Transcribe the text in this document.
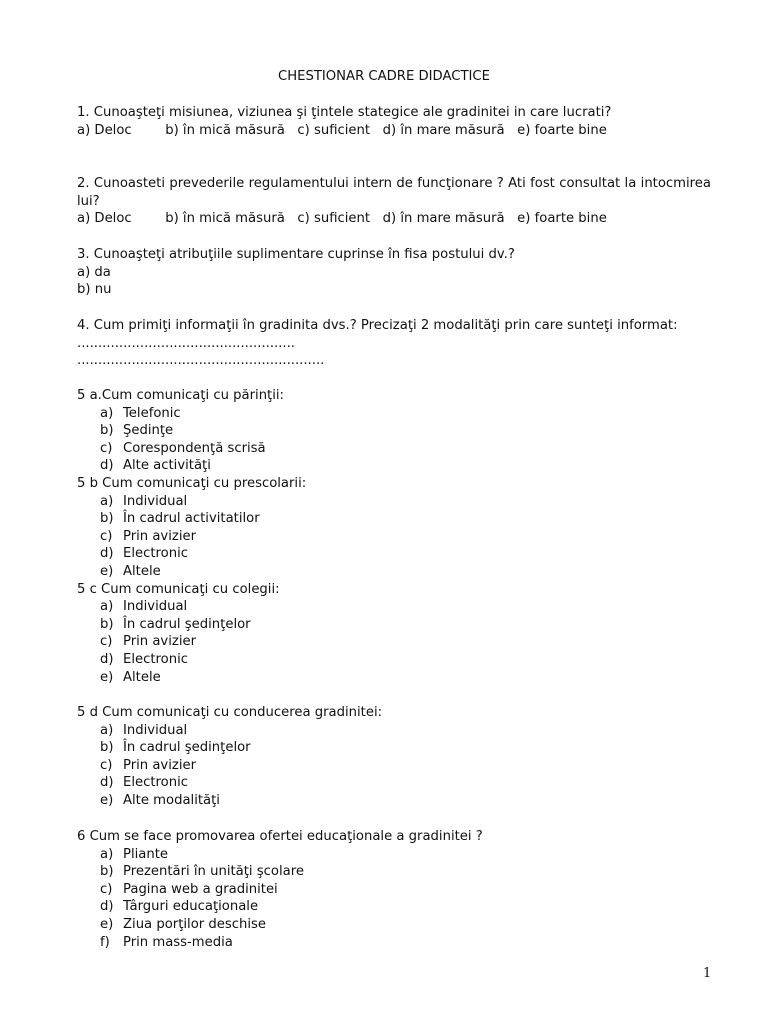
CHESTIONAR CADRE DIDACTICE

1. Cunoaşteţi misiunea, viziunea şi ţintele stategice ale gradinitei in care lucrati?

a) Deloc        b) în mică măsură   c) suficient   d) în mare măsură   e) foarte bine

2. Cunoasteti prevederile regulamentului intern de funcţionare ? Ati fost consultat la intocmirea lui?

a) Deloc        b) în mică măsură   c) suficient   d) în mare măsură   e) foarte bine

3. Cunoaşteţi atribuţiile suplimentare cuprinse în fisa postului dv.?

a) da

b) nu

4. Cum primiţi informaţii în gradinita dvs.? Precizaţi 2 modalităţi prin care sunteţi informat:

....................................................

...........................................................

5 a.Cum comunicaţi cu părinţii:

a) Telefonic
b) Şedinţe
c) Corespondenţă scrisă
d) Alte activităţi

5 b Cum comunicaţi cu prescolarii:

a) Individual
b) În cadrul activitatilor
c) Prin avizier
d) Electronic
e) Altele

5 c Cum comunicaţi cu colegii:

a) Individual
b) În cadrul şedinţelor
c) Prin avizier
d) Electronic
e) Altele

5 d Cum comunicaţi cu conducerea gradinitei:

a) Individual
b) În cadrul şedinţelor
c) Prin avizier
d) Electronic
e) Alte modalităţi

6 Cum se face promovarea ofertei educaţionale a gradinitei ?

a) Pliante
b) Prezentări în unităţi şcolare
c) Pagina web a gradinitei
d) Târguri educaţionale
e) Ziua porţilor deschise
f)	Prin mass-media
1
